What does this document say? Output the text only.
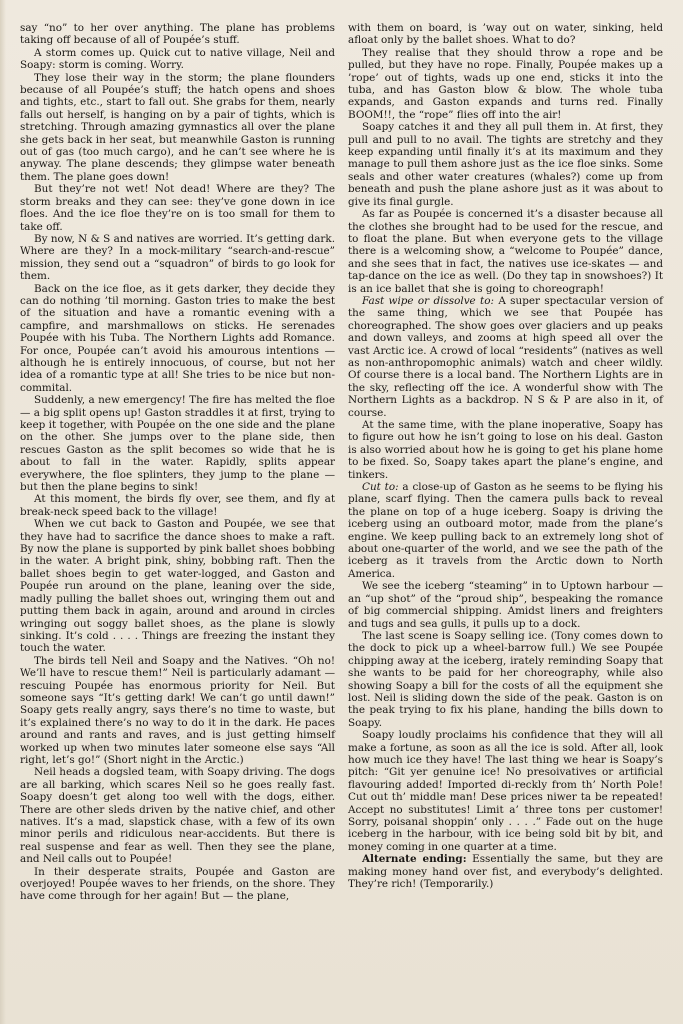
say “no” to her over anything. The plane has problems taking off because of all of Poupée’s stuff.

A storm comes up. Quick cut to native village, Neil and Soapy: storm is coming. Worry.

They lose their way in the storm; the plane flounders because of all Poupée’s stuff; the hatch opens and shoes and tights, etc., start to fall out. She grabs for them, nearly falls out herself, is hanging on by a pair of tights, which is stretching. Through amazing gymnastics all over the plane she gets back in her seat, but meanwhile Gaston is running out of gas (too much cargo), and he can’t see where he is anyway. The plane descends; they glimpse water beneath them. The plane goes down!

But they’re not wet! Not dead! Where are they? The storm breaks and they can see: they’ve gone down in ice floes. And the ice floe they’re on is too small for them to take off.

By now, N & S and natives are worried. It’s getting dark. Where are they? In a mock-military “search-and-rescue” mission, they send out a “squadron” of birds to go look for them.

Back on the ice floe, as it gets darker, they decide they can do nothing ’til morning. Gaston tries to make the best of the situation and have a romantic evening with a campfire, and marshmallows on sticks. He serenades Poupée with his Tuba. The Northern Lights add Romance. For once, Poupée can’t avoid his amourous intentions — although he is entirely innocuous, of course, but not her idea of a romantic type at all! She tries to be nice but non-commital.

Suddenly, a new emergency! The fire has melted the floe — a big split opens up! Gaston straddles it at first, trying to keep it together, with Poupée on the one side and the plane on the other. She jumps over to the plane side, then rescues Gaston as the split becomes so wide that he is about to fall in the water. Rapidly, splits appear everywhere, the floe splinters, they jump to the plane — but then the plane begins to sink!

At this moment, the birds fly over, see them, and fly at break-neck speed back to the village!

When we cut back to Gaston and Poupée, we see that they have had to sacrifice the dance shoes to make a raft. By now the plane is supported by pink ballet shoes bobbing in the water. A bright pink, shiny, bobbing raft. Then the ballet shoes begin to get water-logged, and Gaston and Poupée run around on the plane, leaning over the side, madly pulling the ballet shoes out, wringing them out and putting them back in again, around and around in circles wringing out soggy ballet shoes, as the plane is slowly sinking. It’s cold . . . . Things are freezing the instant they touch the water.

The birds tell Neil and Soapy and the Natives. “Oh no! We’ll have to rescue them!” Neil is particularly adamant — rescuing Poupée has enormous priority for Neil. But someone says “It’s getting dark! We can’t go until dawn!” Soapy gets really angry, says there’s no time to waste, but it’s explained there’s no way to do it in the dark. He paces around and rants and raves, and is just getting himself worked up when two minutes later someone else says “All right, let’s go!” (Short night in the Arctic.)

Neil heads a dogsled team, with Soapy driving. The dogs are all barking, which scares Neil so he goes really fast. Soapy doesn’t get along too well with the dogs, either. There are other sleds driven by the native chief, and other natives. It’s a mad, slapstick chase, with a few of its own minor perils and ridiculous near-accidents. But there is real suspense and fear as well. Then they see the plane, and Neil calls out to Poupée!

In their desperate straits, Poupée and Gaston are overjoyed! Poupée waves to her friends, on the shore. They have come through for her again! But — the plane,

with them on board, is ’way out on water, sinking, held afloat only by the ballet shoes. What to do?

They realise that they should throw a rope and be pulled, but they have no rope. Finally, Poupée makes up a ’rope’ out of tights, wads up one end, sticks it into the tuba, and has Gaston blow & blow. The whole tuba expands, and Gaston expands and turns red. Finally BOOM!!, the “rope” flies off into the air!

Soapy catches it and they all pull them in. At first, they pull and pull to no avail. The tights are stretchy and they keep expanding until finally it’s at its maximum and they manage to pull them ashore just as the ice floe sinks. Some seals and other water creatures (whales?) come up from beneath and push the plane ashore just as it was about to give its final gurgle.

As far as Poupée is concerned it’s a disaster because all the clothes she brought had to be used for the rescue, and to float the plane. But when everyone gets to the village there is a welcoming show, a “welcome to Poupée” dance, and she sees that in fact, the natives use ice-skates — and tap-dance on the ice as well. (Do they tap in snowshoes?) It is an ice ballet that she is going to choreograph!

Fast wipe or dissolve to: A super spectacular version of the same thing, which we see that Poupée has choreographed. The show goes over glaciers and up peaks and down valleys, and zooms at high speed all over the vast Arctic ice. A crowd of local “residents” (natives as well as non-anthropomophic animals) watch and cheer wildly. Of course there is a local band. The Northern Lights are in the sky, reflecting off the ice. A wonderful show with The Northern Lights as a backdrop. N S & P are also in it, of course.

At the same time, with the plane inoperative, Soapy has to figure out how he isn’t going to lose on his deal. Gaston is also worried about how he is going to get his plane home to be fixed. So, Soapy takes apart the plane’s engine, and tinkers.

Cut to: a close-up of Gaston as he seems to be flying his plane, scarf flying. Then the camera pulls back to reveal the plane on top of a huge iceberg. Soapy is driving the iceberg using an outboard motor, made from the plane’s engine. We keep pulling back to an extremely long shot of about one-quarter of the world, and we see the path of the iceberg as it travels from the Arctic down to North America.

We see the iceberg “steaming” in to Uptown harbour — an “up shot” of the “proud ship”, bespeaking the romance of big commercial shipping. Amidst liners and freighters and tugs and sea gulls, it pulls up to a dock.

The last scene is Soapy selling ice. (Tony comes down to the dock to pick up a wheel-barrow full.) We see Poupée chipping away at the iceberg, irately reminding Soapy that she wants to be paid for her choreography, while also showing Soapy a bill for the costs of all the equipment she lost. Neil is sliding down the side of the peak. Gaston is on the peak trying to fix his plane, handing the bills down to Soapy.

Soapy loudly proclaims his confidence that they will all make a fortune, as soon as all the ice is sold. After all, look how much ice they have! The last thing we hear is Soapy’s pitch: “Git yer genuine ice! No presoivatives or artificial flavouring added! Imported di-reckly from th’ North Pole! Cut out th’ middle man! Dese prices niwer ta be repeated! Accept no substitutes! Limit a’ three tons per customer! Sorry, poisanal shoppin’ only . . . .” Fade out on the huge iceberg in the harbour, with ice being sold bit by bit, and money coming in one quarter at a time.

Alternate ending: Essentially the same, but they are making money hand over fist, and everybody’s delighted. They’re rich! (Temporarily.)
